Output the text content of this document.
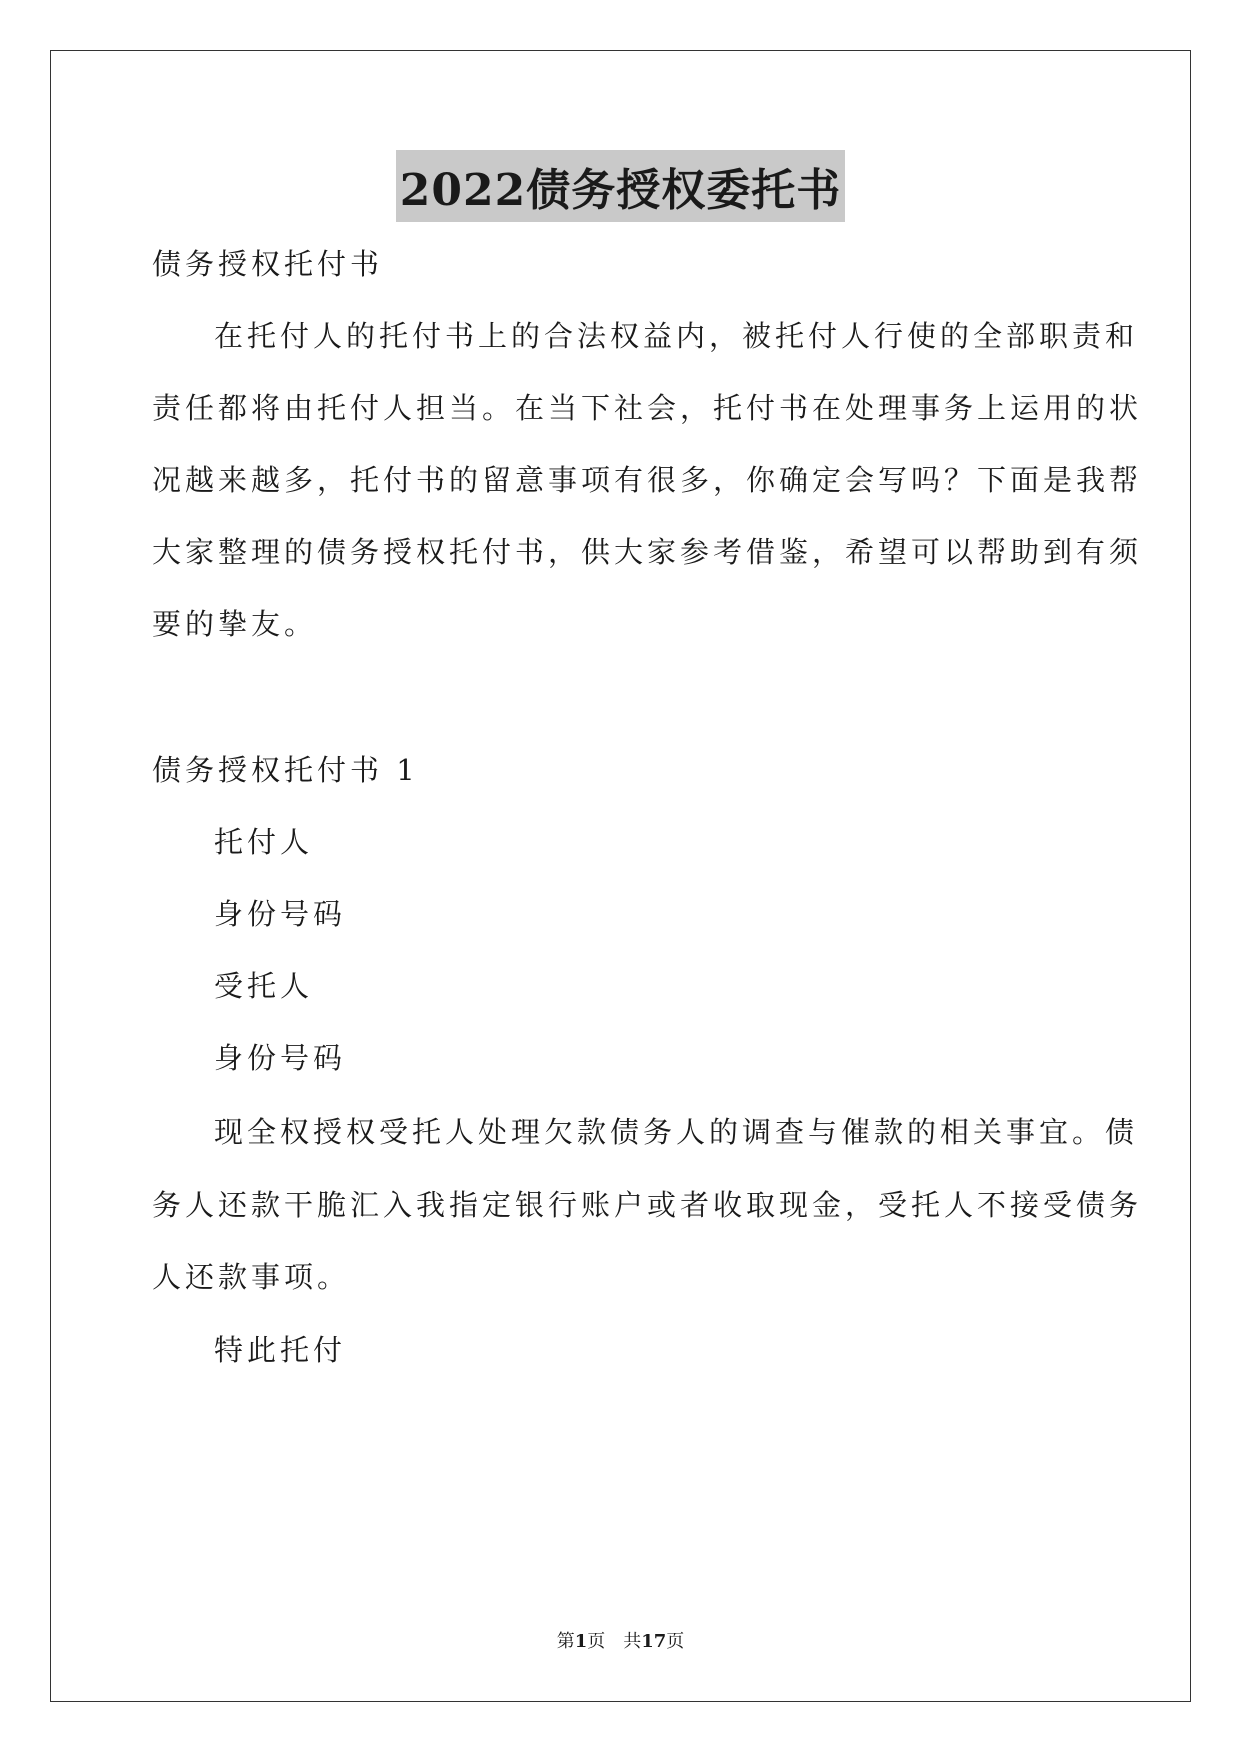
2022债务授权委托书

债务授权托付书

在托付人的托付书上的合法权益内，被托付人行使的全部职责和

责任都将由托付人担当。在当下社会，托付书在处理事务上运用的状

况越来越多，托付书的留意事项有很多，你确定会写吗？下面是我帮

大家整理的债务授权托付书，供大家参考借鉴，希望可以帮助到有须

要的挚友。

债务授权托付书 1

托付人

身份号码

受托人

身份号码

现全权授权受托人处理欠款债务人的调查与催款的相关事宜。债

务人还款干脆汇入我指定银行账户或者收取现金，受托人不接受债务

人还款事项。

特此托付

第1页　共17页
